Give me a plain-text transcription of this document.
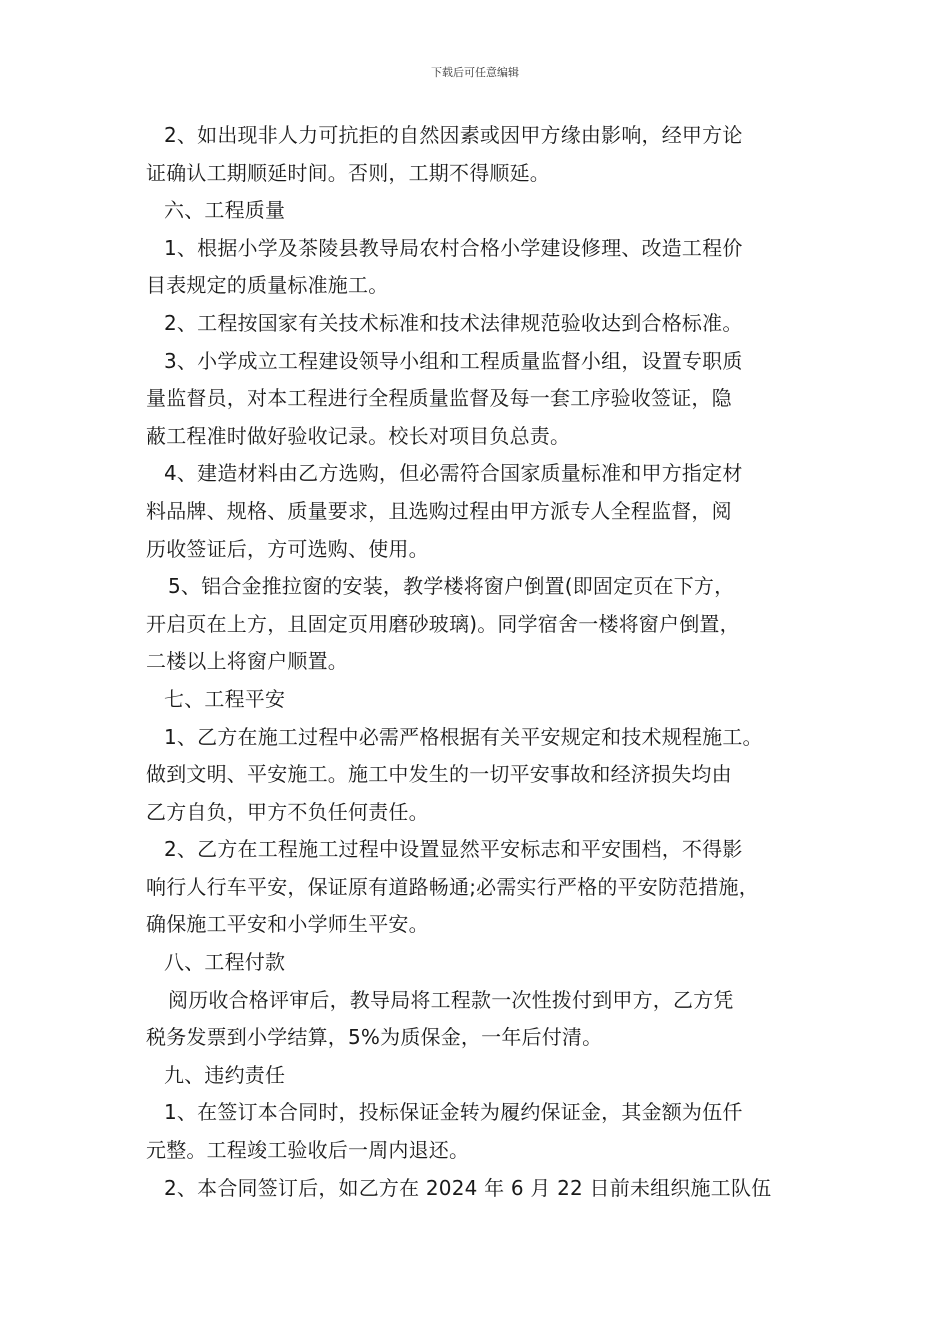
下载后可任意编辑
2、如出现非人力可抗拒的自然因素或因甲方缘由影响，经甲方论
证确认工期顺延时间。否则，工期不得顺延。
六、工程质量
1、根据小学及茶陵县教导局农村合格小学建设修理、改造工程价
目表规定的质量标准施工。
2、工程按国家有关技术标准和技术法律规范验收达到合格标准。
3、小学成立工程建设领导小组和工程质量监督小组，设置专职质
量监督员，对本工程进行全程质量监督及每一套工序验收签证，隐
蔽工程准时做好验收记录。校长对项目负总责。
4、建造材料由乙方选购，但必需符合国家质量标准和甲方指定材
料品牌、规格、质量要求，且选购过程由甲方派专人全程监督，阅
历收签证后，方可选购、使用。
5、铝合金推拉窗的安装，教学楼将窗户倒置(即固定页在下方，
开启页在上方，且固定页用磨砂玻璃)。同学宿舍一楼将窗户倒置，
二楼以上将窗户顺置。
七、工程平安
1、乙方在施工过程中必需严格根据有关平安规定和技术规程施工。
做到文明、平安施工。施工中发生的一切平安事故和经济损失均由
乙方自负，甲方不负任何责任。
2、乙方在工程施工过程中设置显然平安标志和平安围档，不得影
响行人行车平安，保证原有道路畅通;必需实行严格的平安防范措施，
确保施工平安和小学师生平安。
八、工程付款
阅历收合格评审后，教导局将工程款一次性拨付到甲方，乙方凭
税务发票到小学结算，5%为质保金，一年后付清。
九、违约责任
1、在签订本合同时，投标保证金转为履约保证金，其金额为伍仟
元整。工程竣工验收后一周内退还。
2、本合同签订后，如乙方在 2024 年 6 月 22 日前未组织施工队伍
